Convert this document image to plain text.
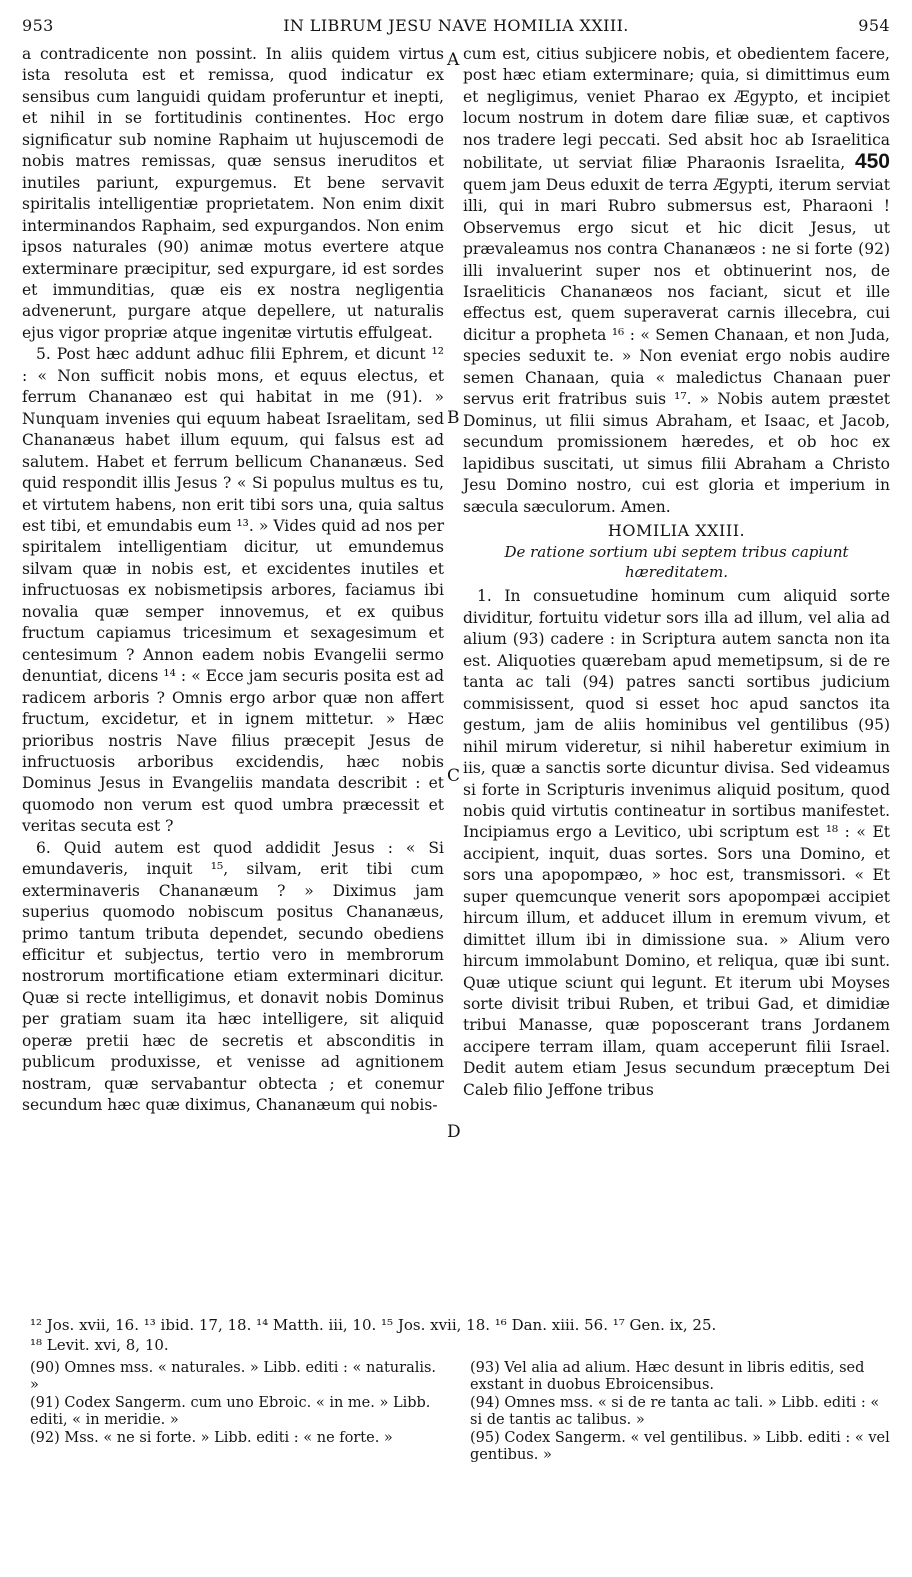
953	IN LIBRUM JESU NAVE HOMILIA XXIII.	954

a contradicente non possint. In aliis quidem virtus ista resoluta est et remissa, quod indicatur ex sensibus cum languidi quidam proferuntur et inepti, et nihil in se fortitudinis continentes. Hoc ergo significatur sub nomine Raphaim ut hujuscemodi de nobis matres remissas, quæ sensus ineruditos et inutiles pariunt, expurgemus. Et bene servavit spiritalis intelligentiæ proprietatem. Non enim dixit interminandos Raphaim, sed expurgandos. Non enim ipsos naturales (90) animæ motus evertere atque exterminare præcipitur, sed expurgare, id est sordes et immunditias, quæ eis ex nostra negligentia advenerunt, purgare atque depellere, ut naturalis ejus vigor propriæ atque ingenitæ virtutis effulgeat.

5. Post hæc addunt adhuc filii Ephrem, et dicunt ¹² : « Non sufficit nobis mons, et equus electus, et ferrum Chananæo est qui habitat in me (91). » Nunquam invenies qui equum habeat Israelitam, sed Chananæus habet illum equum, qui falsus est ad salutem. Habet et ferrum bellicum Chananæus. Sed quid respondit illis Jesus ? « Si populus multus es tu, et virtutem habens, non erit tibi sors una, quia saltus est tibi, et emundabis eum ¹³. » Vides quid ad nos per spiritalem intelligentiam dicitur, ut emundemus silvam quæ in nobis est, et excidentes inutiles et infructuosas ex nobismetipsis arbores, faciamus ibi novalia quæ semper innovemus, et ex quibus fructum capiamus tricesimum et sexagesimum et centesimum ? Annon eadem nobis Evangelii sermo denuntiat, dicens ¹⁴ : « Ecce jam securis posita est ad radicem arboris ? Omnis ergo arbor quæ non affert fructum, excidetur, et in ignem mittetur. » Hæc prioribus nostris Nave filius præcepit Jesus de infructuosis arboribus excidendis, hæc nobis Dominus Jesus in Evangeliis mandata describit : et quomodo non verum est quod umbra præcessit et veritas secuta est ?

6. Quid autem est quod addidit Jesus : « Si emundaveris, inquit ¹⁵, silvam, erit tibi cum exterminaveris Chananæum ? » Diximus jam superius quomodo nobiscum positus Chananæus, primo tantum tributa dependet, secundo obediens efficitur et subjectus, tertio vero in membrorum nostrorum mortificatione etiam exterminari dicitur. Quæ si recte intelligimus, et donavit nobis Dominus per gratiam suam ita hæc intelligere, sit aliquid operæ pretii hæc de secretis et absconditis in publicum produxisse, et venisse ad agnitionem nostram, quæ servabantur obtecta ; et conemur secundum hæc quæ diximus, Chananæum qui nobis-

A
B
C
D

cum est, citius subjicere nobis, et obedientem facere, post hæc etiam exterminare; quia, si dimittimus eum et negligimus, veniet Pharao ex Ægypto, et incipiet locum nostrum in dotem dare filiæ suæ, et captivos nos tradere legi peccati. Sed absit hoc ab Israelitica nobilitate, ut serviat filiæ Pharaonis Israelita, 450 quem jam Deus eduxit de terra Ægypti, iterum serviat illi, qui in mari Rubro submersus est, Pharaoni ! Observemus ergo sicut et hic dicit Jesus, ut prævaleamus nos contra Chananæos : ne si forte (92) illi invaluerint super nos et obtinuerint nos, de Israeliticis Chananæos nos faciant, sicut et ille effectus est, quem superaverat carnis illecebra, cui dicitur a propheta ¹⁶ : « Semen Chanaan, et non Juda, species seduxit te. » Non eveniat ergo nobis audire semen Chanaan, quia « maledictus Chanaan puer servus erit fratribus suis ¹⁷. » Nobis autem præstet Dominus, ut filii simus Abraham, et Isaac, et Jacob, secundum promissionem hæredes, et ob hoc ex lapidibus suscitati, ut simus filii Abraham a Christo Jesu Domino nostro, cui est gloria et imperium in sæcula sæculorum. Amen.

HOMILIA XXIII.
De ratione sortium ubi septem tribus capiunt hæreditatem.

1. In consuetudine hominum cum aliquid sorte dividitur, fortuitu videtur sors illa ad illum, vel alia ad alium (93) cadere : in Scriptura autem sancta non ita est. Aliquoties quærebam apud memetipsum, si de re tanta ac tali (94) patres sancti sortibus judicium commisissent, quod si esset hoc apud sanctos ita gestum, jam de aliis hominibus vel gentilibus (95) nihil mirum videretur, si nihil haberetur eximium in iis, quæ a sanctis sorte dicuntur divisa. Sed videamus si forte in Scripturis invenimus aliquid positum, quod nobis quid virtutis contineatur in sortibus manifestet. Incipiamus ergo a Levitico, ubi scriptum est ¹⁸ : « Et accipient, inquit, duas sortes. Sors una Domino, et sors una apopompæo, » hoc est, transmissori. « Et super quemcunque venerit sors apopompæi accipiet hircum illum, et adducet illum in eremum vivum, et dimittet illum ibi in dimissione sua. » Alium vero hircum immolabunt Domino, et reliqua, quæ ibi sunt. Quæ utique sciunt qui legunt. Et iterum ubi Moyses sorte divisit tribui Ruben, et tribui Gad, et dimidiæ tribui Manasse, quæ poposcerant trans Jordanem accipere terram illam, quam acceperunt filii Israel. Dedit autem etiam Jesus secundum præceptum Dei Caleb filio Jeffone tribus

¹² Jos. xvii, 16. ¹³ ibid. 17, 18. ¹⁴ Matth. iii, 10. ¹⁵ Jos. xvii, 18. ¹⁶ Dan. xiii. 56. ¹⁷ Gen. ix, 25.
¹⁸ Levit. xvi, 8, 10.
(90) Omnes mss. « naturales. » Libb. editi : « naturalis. »
(91) Codex Sangerm. cum uno Ebroic. « in me. » Libb. editi, « in meridie. »
(92) Mss. « ne si forte. » Libb. editi : « ne forte. »
(93) Vel alia ad alium. Hæc desunt in libris editis, sed exstant in duobus Ebroicensibus.
(94) Omnes mss. « si de re tanta ac tali. » Libb. editi : « si de tantis ac talibus. »
(95) Codex Sangerm. « vel gentilibus. » Libb. editi : « vel gentibus. »
